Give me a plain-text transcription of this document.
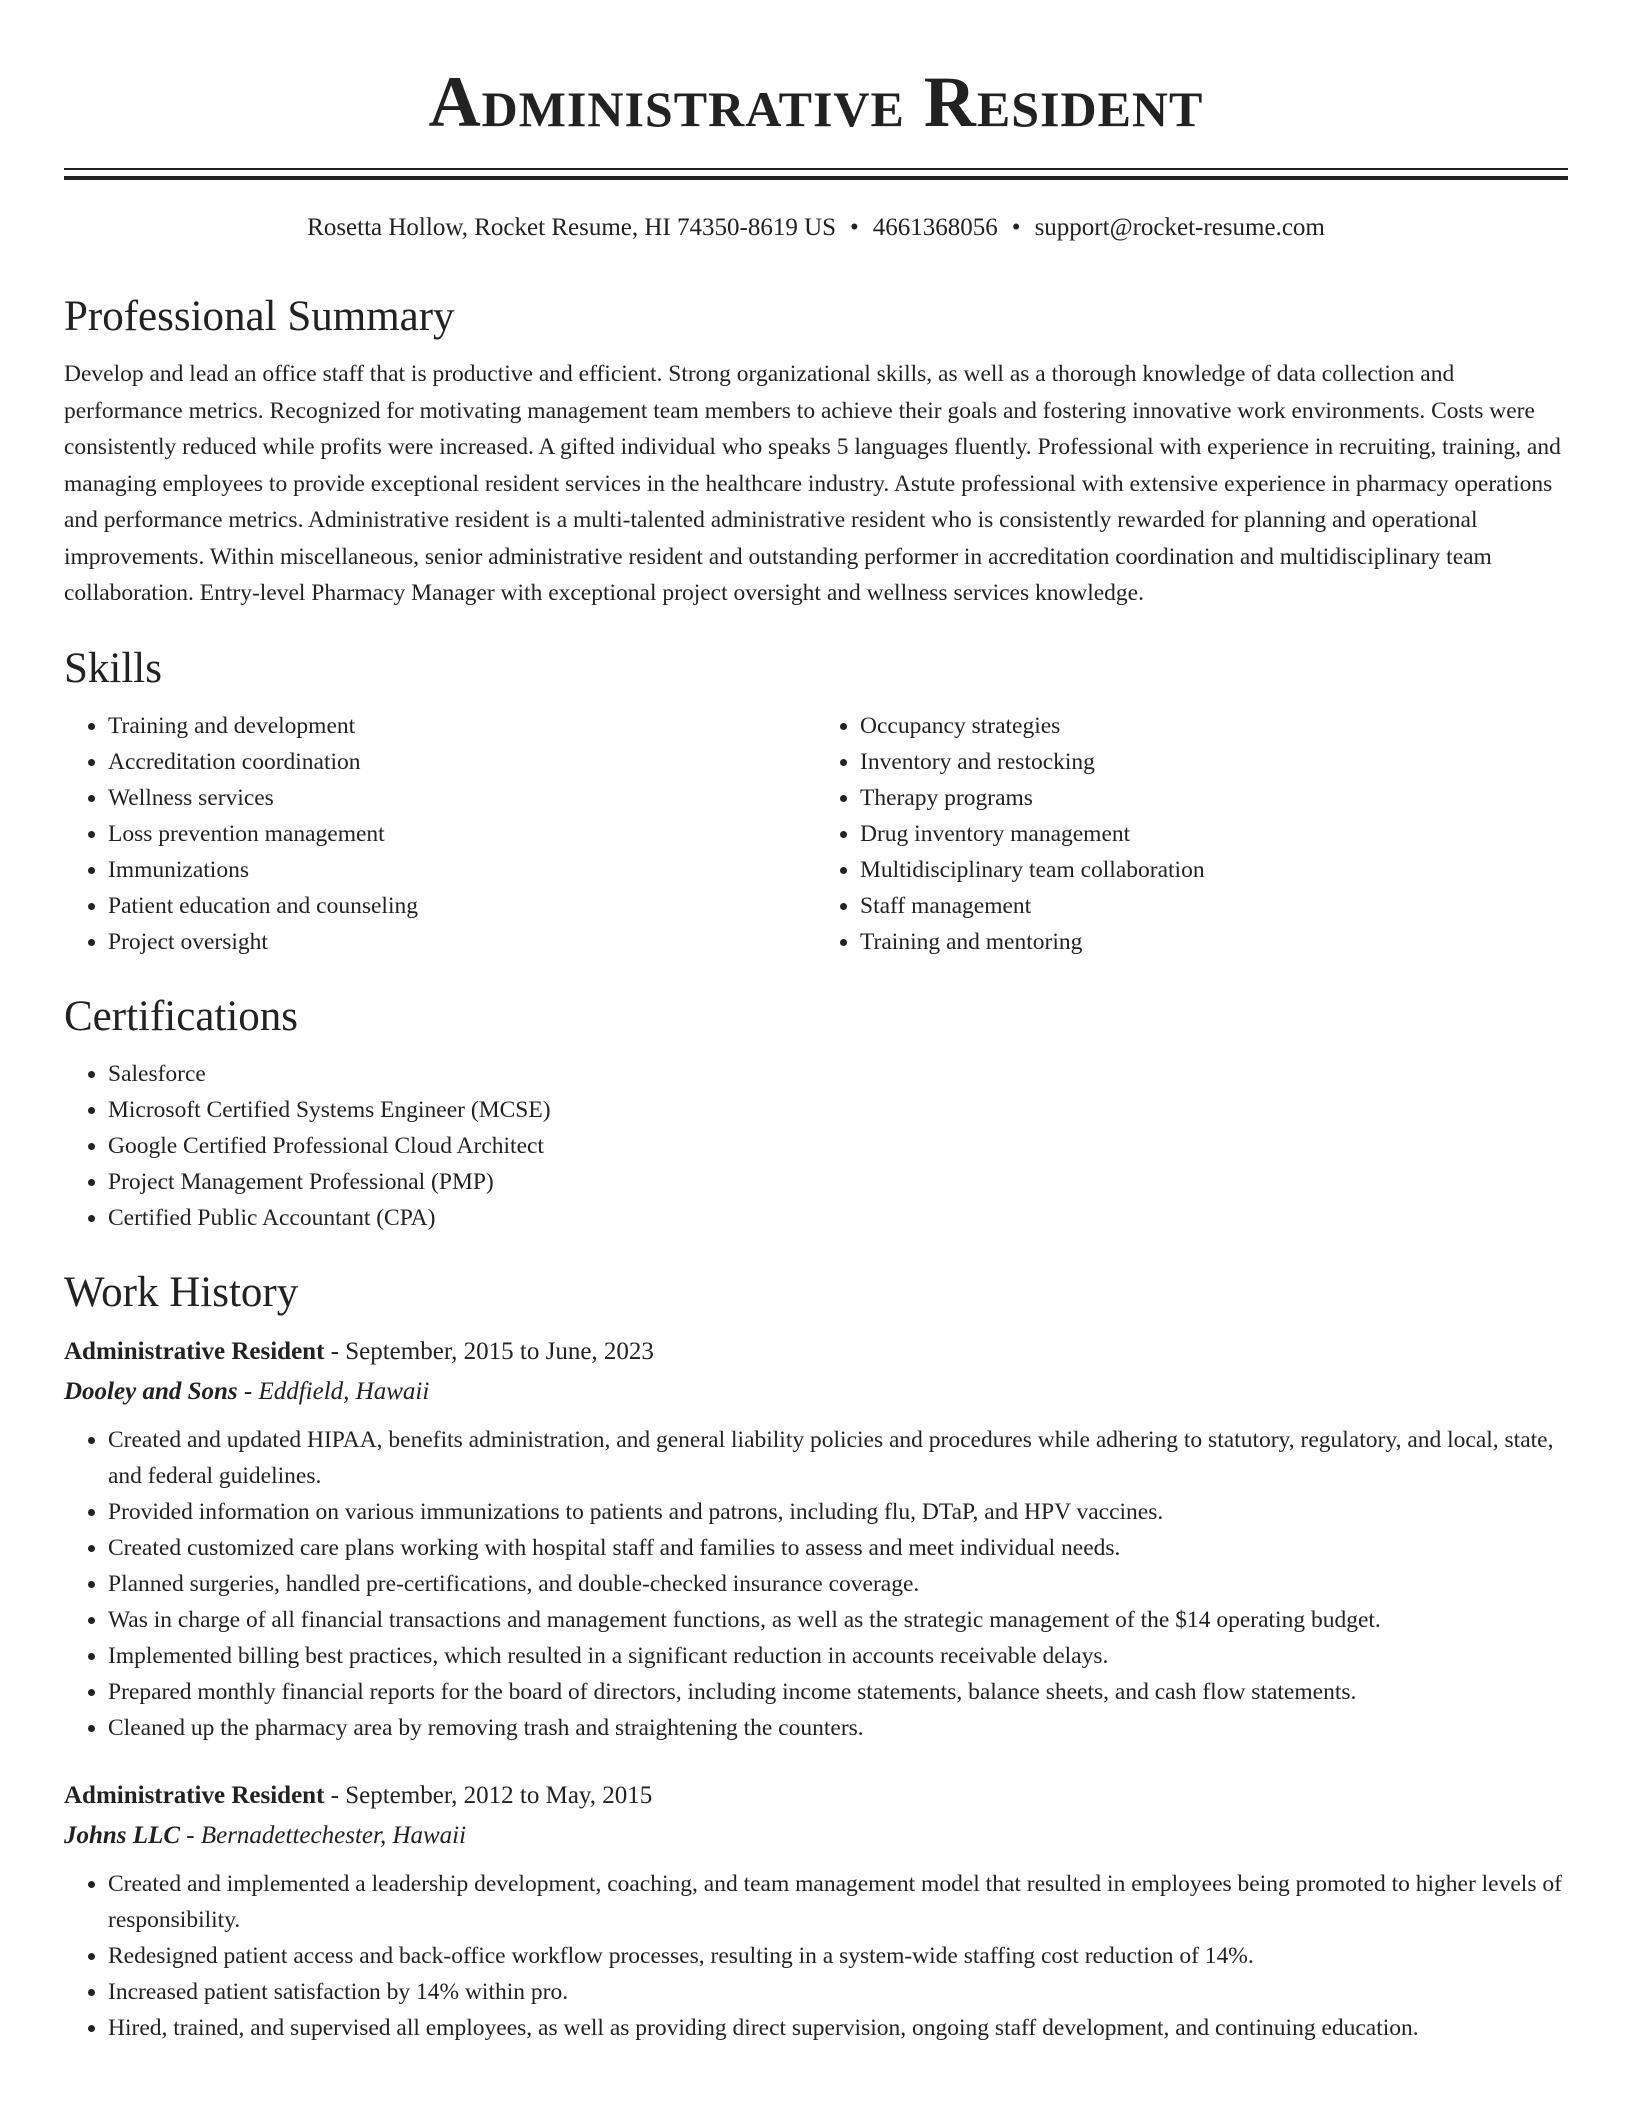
Administrative Resident
Rosetta Hollow, Rocket Resume, HI 74350-8619 US • 4661368056 • support@rocket-resume.com
Professional Summary

Develop and lead an office staff that is productive and efficient. Strong organizational skills, as well as a thorough knowledge of data collection and performance metrics. Recognized for motivating management team members to achieve their goals and fostering innovative work environments. Costs were consistently reduced while profits were increased. A gifted individual who speaks 5 languages fluently. Professional with experience in recruiting, training, and managing employees to provide exceptional resident services in the healthcare industry. Astute professional with extensive experience in pharmacy operations and performance metrics. Administrative resident is a multi-talented administrative resident who is consistently rewarded for planning and operational improvements. Within miscellaneous, senior administrative resident and outstanding performer in accreditation coordination and multidisciplinary team collaboration. Entry-level Pharmacy Manager with exceptional project oversight and wellness services knowledge.

Skills
• Training and development
• Accreditation coordination
• Wellness services
• Loss prevention management
• Immunizations
• Patient education and counseling
• Project oversight
• Occupancy strategies
• Inventory and restocking
• Therapy programs
• Drug inventory management
• Multidisciplinary team collaboration
• Staff management
• Training and mentoring
Certifications
• Salesforce
• Microsoft Certified Systems Engineer (MCSE)
• Google Certified Professional Cloud Architect
• Project Management Professional (PMP)
• Certified Public Accountant (CPA)
Work History
Administrative Resident - September, 2015 to June, 2023
Dooley and Sons - Eddfield, Hawaii
• Created and updated HIPAA, benefits administration, and general liability policies and procedures while adhering to statutory, regulatory, and local, state, and federal guidelines.
• Provided information on various immunizations to patients and patrons, including flu, DTaP, and HPV vaccines.
• Created customized care plans working with hospital staff and families to assess and meet individual needs.
• Planned surgeries, handled pre-certifications, and double-checked insurance coverage.
• Was in charge of all financial transactions and management functions, as well as the strategic management of the $14 operating budget.
• Implemented billing best practices, which resulted in a significant reduction in accounts receivable delays.
• Prepared monthly financial reports for the board of directors, including income statements, balance sheets, and cash flow statements.
• Cleaned up the pharmacy area by removing trash and straightening the counters.
Administrative Resident - September, 2012 to May, 2015
Johns LLC - Bernadettechester, Hawaii
• Created and implemented a leadership development, coaching, and team management model that resulted in employees being promoted to higher levels of responsibility.
• Redesigned patient access and back-office workflow processes, resulting in a system-wide staffing cost reduction of 14%.
• Increased patient satisfaction by 14% within pro.
• Hired, trained, and supervised all employees, as well as providing direct supervision, ongoing staff development, and continuing education.
